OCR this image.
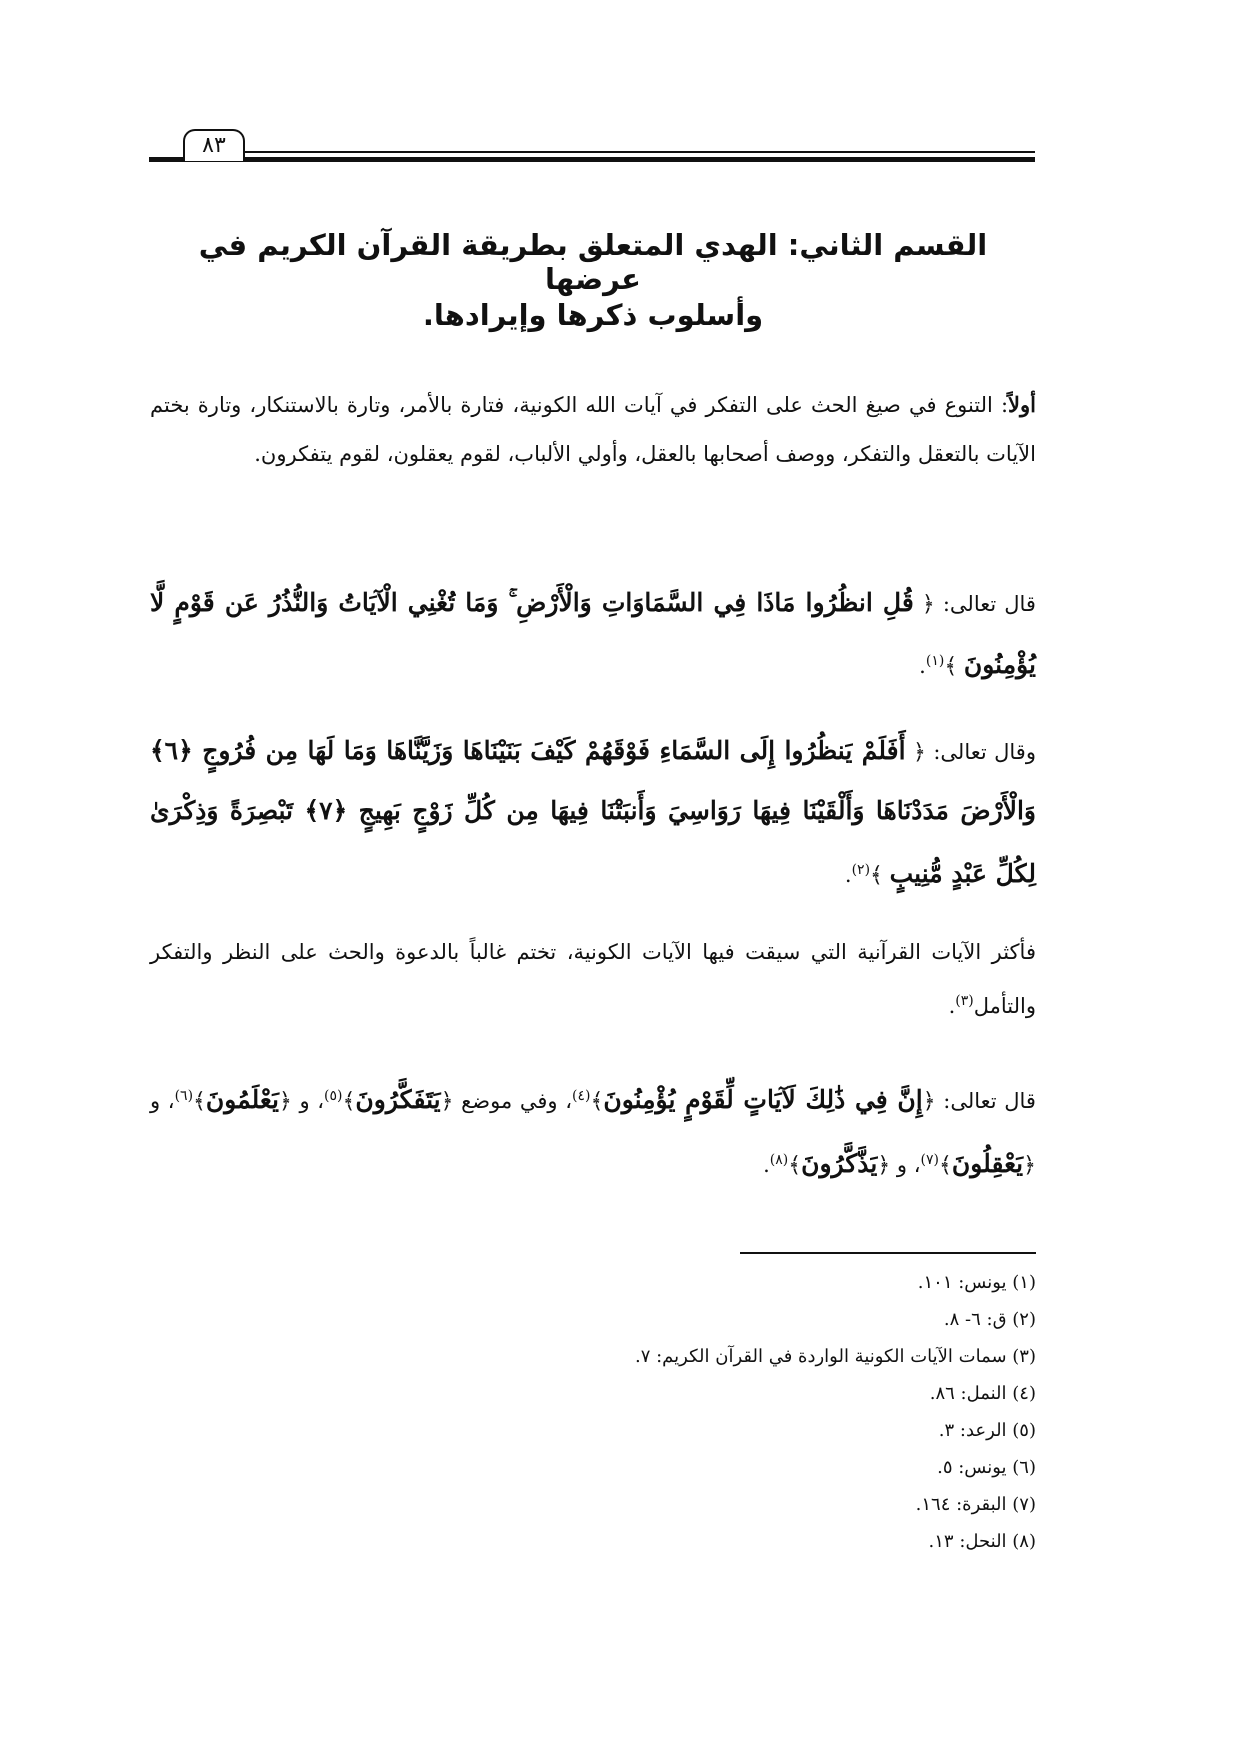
٨٣
القسم الثاني: الهدي المتعلق بطريقة القرآن الكريم في عرضها
وأسلوب ذكرها وإيرادها.
أولاً: التنوع في صيغ الحث على التفكر في آيات الله الكونية، فتارة بالأمر، وتارة بالاستنكار، وتارة بختم الآيات بالتعقل والتفكر، ووصف أصحابها بالعقل، وأولي الألباب، لقوم يعقلون، لقوم يتفكرون.
قال تعالى: ﴿ قُلِ انظُرُوا مَاذَا فِي السَّمَاوَاتِ وَالْأَرْضِ ۚ وَمَا تُغْنِي الْآيَاتُ وَالنُّذُرُ عَن قَوْمٍ لَّا يُؤْمِنُونَ ﴾$^{(١)}$.
وقال تعالى: ﴿ أَفَلَمْ يَنظُرُوا إِلَى السَّمَاءِ فَوْقَهُمْ كَيْفَ بَنَيْنَاهَا وَزَيَّنَّاهَا وَمَا لَهَا مِن فُرُوجٍ ﴿٦﴾ وَالْأَرْضَ مَدَدْنَاهَا وَأَلْقَيْنَا فِيهَا رَوَاسِيَ وَأَنبَتْنَا فِيهَا مِن كُلِّ زَوْجٍ بَهِيجٍ ﴿٧﴾ تَبْصِرَةً وَذِكْرَىٰ لِكُلِّ عَبْدٍ مُّنِيبٍ ﴾$^{(٢)}$.
فأكثر الآيات القرآنية التي سيقت فيها الآيات الكونية، تختم غالباً بالدعوة والحث على النظر والتفكر والتأمل$^{(٣)}$.
قال تعالى: ﴿إِنَّ فِي ذَٰلِكَ لَآيَاتٍ لِّقَوْمٍ يُؤْمِنُونَ﴾$^{(٤)}$، وفي موضع ﴿يَتَفَكَّرُونَ﴾$^{(٥)}$، و ﴿يَعْلَمُونَ﴾$^{(٦)}$، و ﴿يَعْقِلُونَ﴾$^{(٧)}$، و ﴿يَذَّكَّرُونَ﴾$^{(٨)}$.
(١) يونس: ١٠١.
(٢) ق: ٦- ٨.
(٣) سمات الآيات الكونية الواردة في القرآن الكريم: ٧.
(٤) النمل: ٨٦.
(٥) الرعد: ٣.
(٦) يونس: ٥.
(٧) البقرة: ١٦٤.
(٨) النحل: ١٣.
